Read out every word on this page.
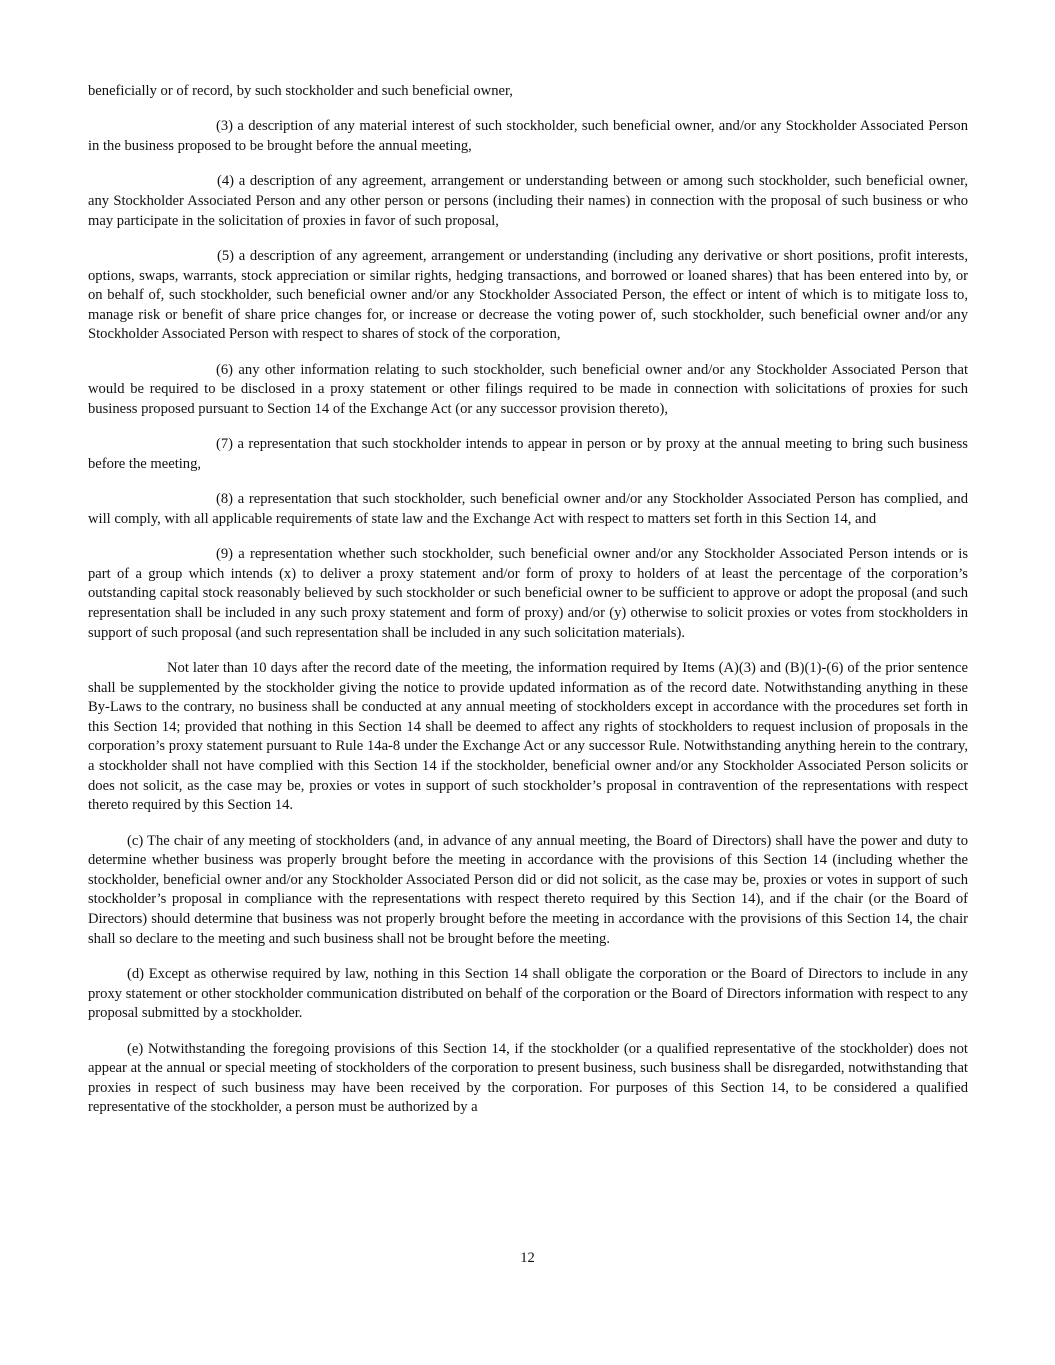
beneficially or of record, by such stockholder and such beneficial owner,

(3) a description of any material interest of such stockholder, such beneficial owner, and/or any Stockholder Associated Person in the business proposed to be brought before the annual meeting,

(4) a description of any agreement, arrangement or understanding between or among such stockholder, such beneficial owner, any Stockholder Associated Person and any other person or persons (including their names) in connection with the proposal of such business or who may participate in the solicitation of proxies in favor of such proposal,

(5) a description of any agreement, arrangement or understanding (including any derivative or short positions, profit interests, options, swaps, warrants, stock appreciation or similar rights, hedging transactions, and borrowed or loaned shares) that has been entered into by, or on behalf of, such stockholder, such beneficial owner and/or any Stockholder Associated Person, the effect or intent of which is to mitigate loss to, manage risk or benefit of share price changes for, or increase or decrease the voting power of, such stockholder, such beneficial owner and/or any Stockholder Associated Person with respect to shares of stock of the corporation,

(6) any other information relating to such stockholder, such beneficial owner and/or any Stockholder Associated Person that would be required to be disclosed in a proxy statement or other filings required to be made in connection with solicitations of proxies for such business proposed pursuant to Section 14 of the Exchange Act (or any successor provision thereto),

(7) a representation that such stockholder intends to appear in person or by proxy at the annual meeting to bring such business before the meeting,

(8) a representation that such stockholder, such beneficial owner and/or any Stockholder Associated Person has complied, and will comply, with all applicable requirements of state law and the Exchange Act with respect to matters set forth in this Section 14, and

(9) a representation whether such stockholder, such beneficial owner and/or any Stockholder Associated Person intends or is part of a group which intends (x) to deliver a proxy statement and/or form of proxy to holders of at least the percentage of the corporation’s outstanding capital stock reasonably believed by such stockholder or such beneficial owner to be sufficient to approve or adopt the proposal (and such representation shall be included in any such proxy statement and form of proxy) and/or (y) otherwise to solicit proxies or votes from stockholders in support of such proposal (and such representation shall be included in any such solicitation materials).

Not later than 10 days after the record date of the meeting, the information required by Items (A)(3) and (B)(1)-(6) of the prior sentence shall be supplemented by the stockholder giving the notice to provide updated information as of the record date. Notwithstanding anything in these By-Laws to the contrary, no business shall be conducted at any annual meeting of stockholders except in accordance with the procedures set forth in this Section 14; provided that nothing in this Section 14 shall be deemed to affect any rights of stockholders to request inclusion of proposals in the corporation’s proxy statement pursuant to Rule 14a-8 under the Exchange Act or any successor Rule. Notwithstanding anything herein to the contrary, a stockholder shall not have complied with this Section 14 if the stockholder, beneficial owner and/or any Stockholder Associated Person solicits or does not solicit, as the case may be, proxies or votes in support of such stockholder’s proposal in contravention of the representations with respect thereto required by this Section 14.

(c) The chair of any meeting of stockholders (and, in advance of any annual meeting, the Board of Directors) shall have the power and duty to determine whether business was properly brought before the meeting in accordance with the provisions of this Section 14 (including whether the stockholder, beneficial owner and/or any Stockholder Associated Person did or did not solicit, as the case may be, proxies or votes in support of such stockholder’s proposal in compliance with the representations with respect thereto required by this Section 14), and if the chair (or the Board of Directors) should determine that business was not properly brought before the meeting in accordance with the provisions of this Section 14, the chair shall so declare to the meeting and such business shall not be brought before the meeting.

(d) Except as otherwise required by law, nothing in this Section 14 shall obligate the corporation or the Board of Directors to include in any proxy statement or other stockholder communication distributed on behalf of the corporation or the Board of Directors information with respect to any proposal submitted by a stockholder.

(e) Notwithstanding the foregoing provisions of this Section 14, if the stockholder (or a qualified representative of the stockholder) does not appear at the annual or special meeting of stockholders of the corporation to present business, such business shall be disregarded, notwithstanding that proxies in respect of such business may have been received by the corporation. For purposes of this Section 14, to be considered a qualified representative of the stockholder, a person must be authorized by a

12
